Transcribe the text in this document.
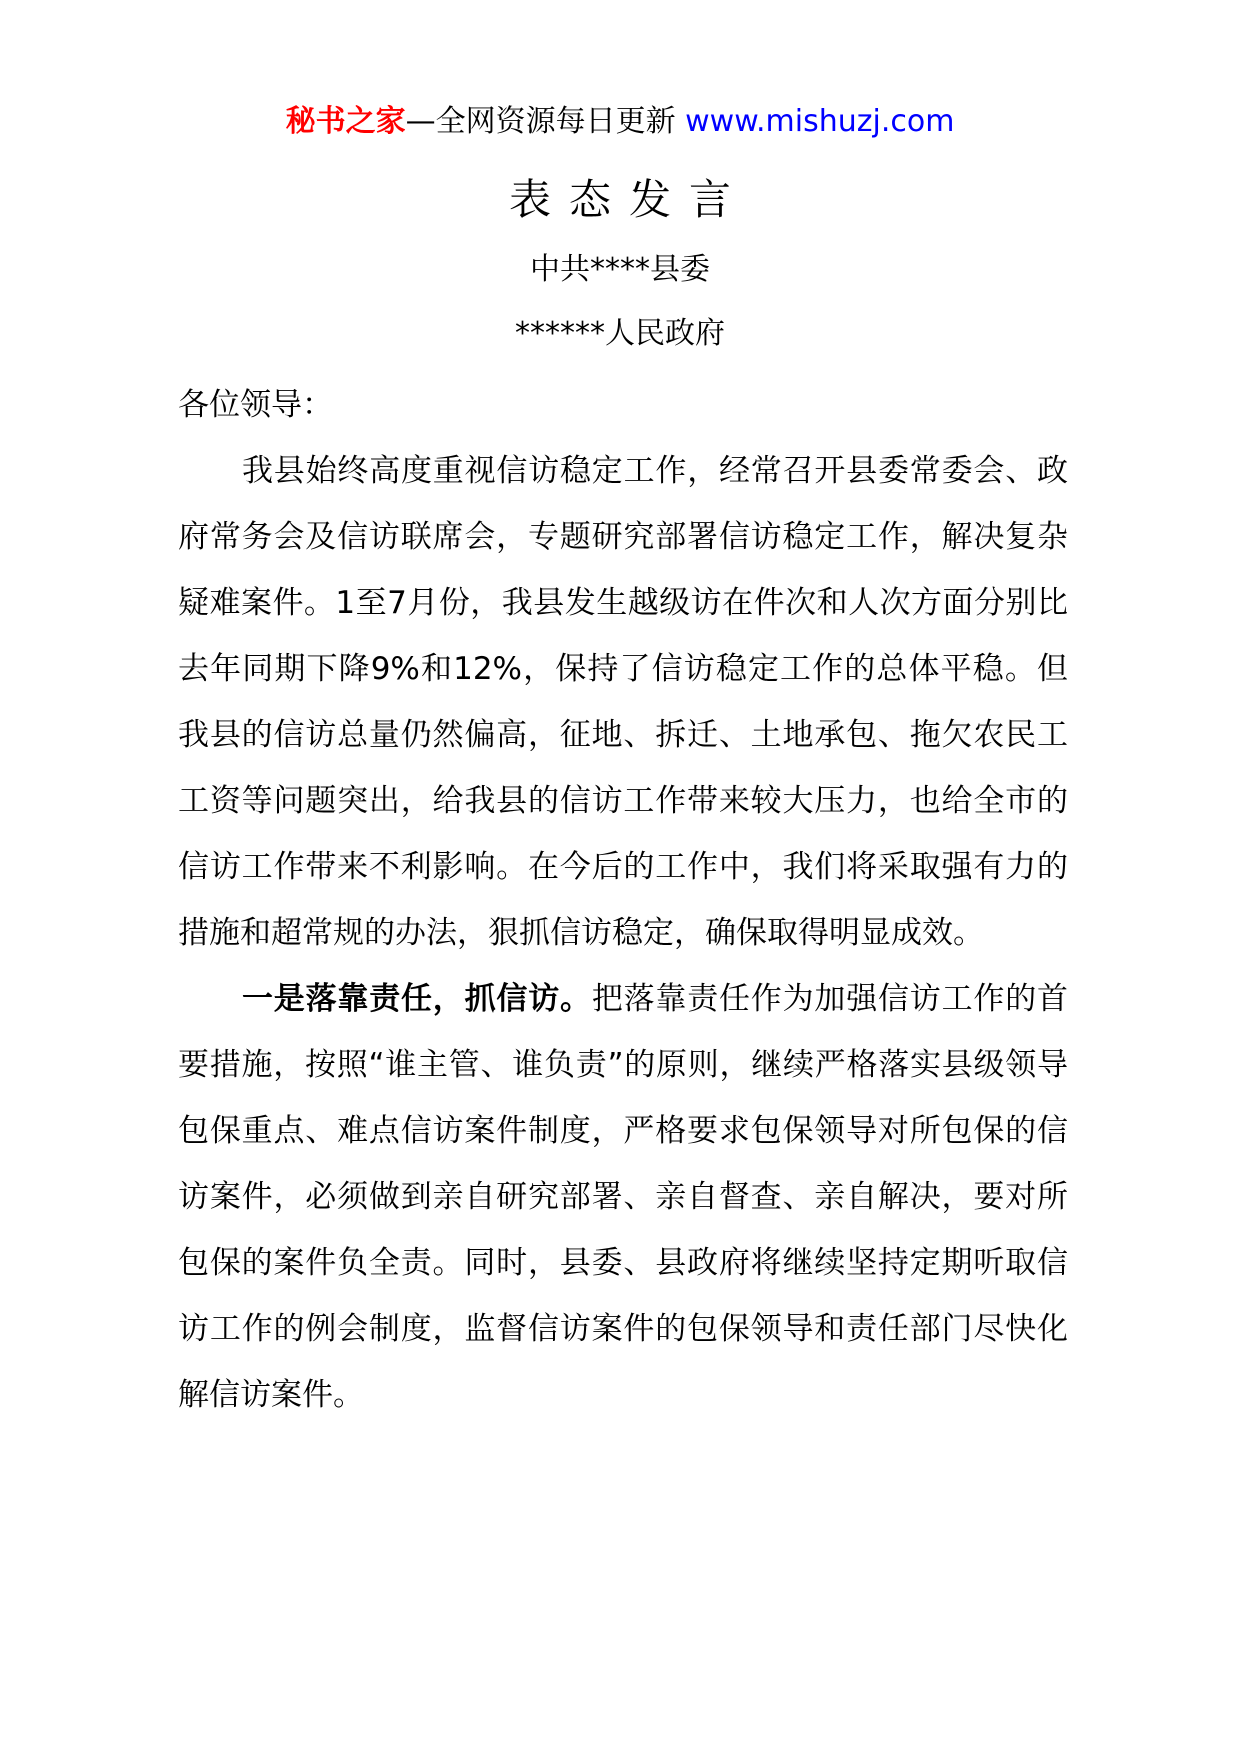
秘书之家—全网资源每日更新 www.mishuzj.com
表态发言
中共****县委
******人民政府

各位领导：

我县始终高度重视信访稳定工作，经常召开县委常委会、政府常务会及信访联席会，专题研究部署信访稳定工作，解决复杂疑难案件。1至7月份，我县发生越级访在件次和人次方面分别比去年同期下降9%和12%，保持了信访稳定工作的总体平稳。但我县的信访总量仍然偏高，征地、拆迁、土地承包、拖欠农民工工资等问题突出，给我县的信访工作带来较大压力，也给全市的信访工作带来不利影响。在今后的工作中，我们将采取强有力的措施和超常规的办法，狠抓信访稳定，确保取得明显成效。

一是落靠责任，抓信访。把落靠责任作为加强信访工作的首要措施，按照“谁主管、谁负责”的原则，继续严格落实县级领导包保重点、难点信访案件制度，严格要求包保领导对所包保的信访案件，必须做到亲自研究部署、亲自督查、亲自解决，要对所包保的案件负全责。同时，县委、县政府将继续坚持定期听取信访工作的例会制度，监督信访案件的包保领导和责任部门尽快化解信访案件。
